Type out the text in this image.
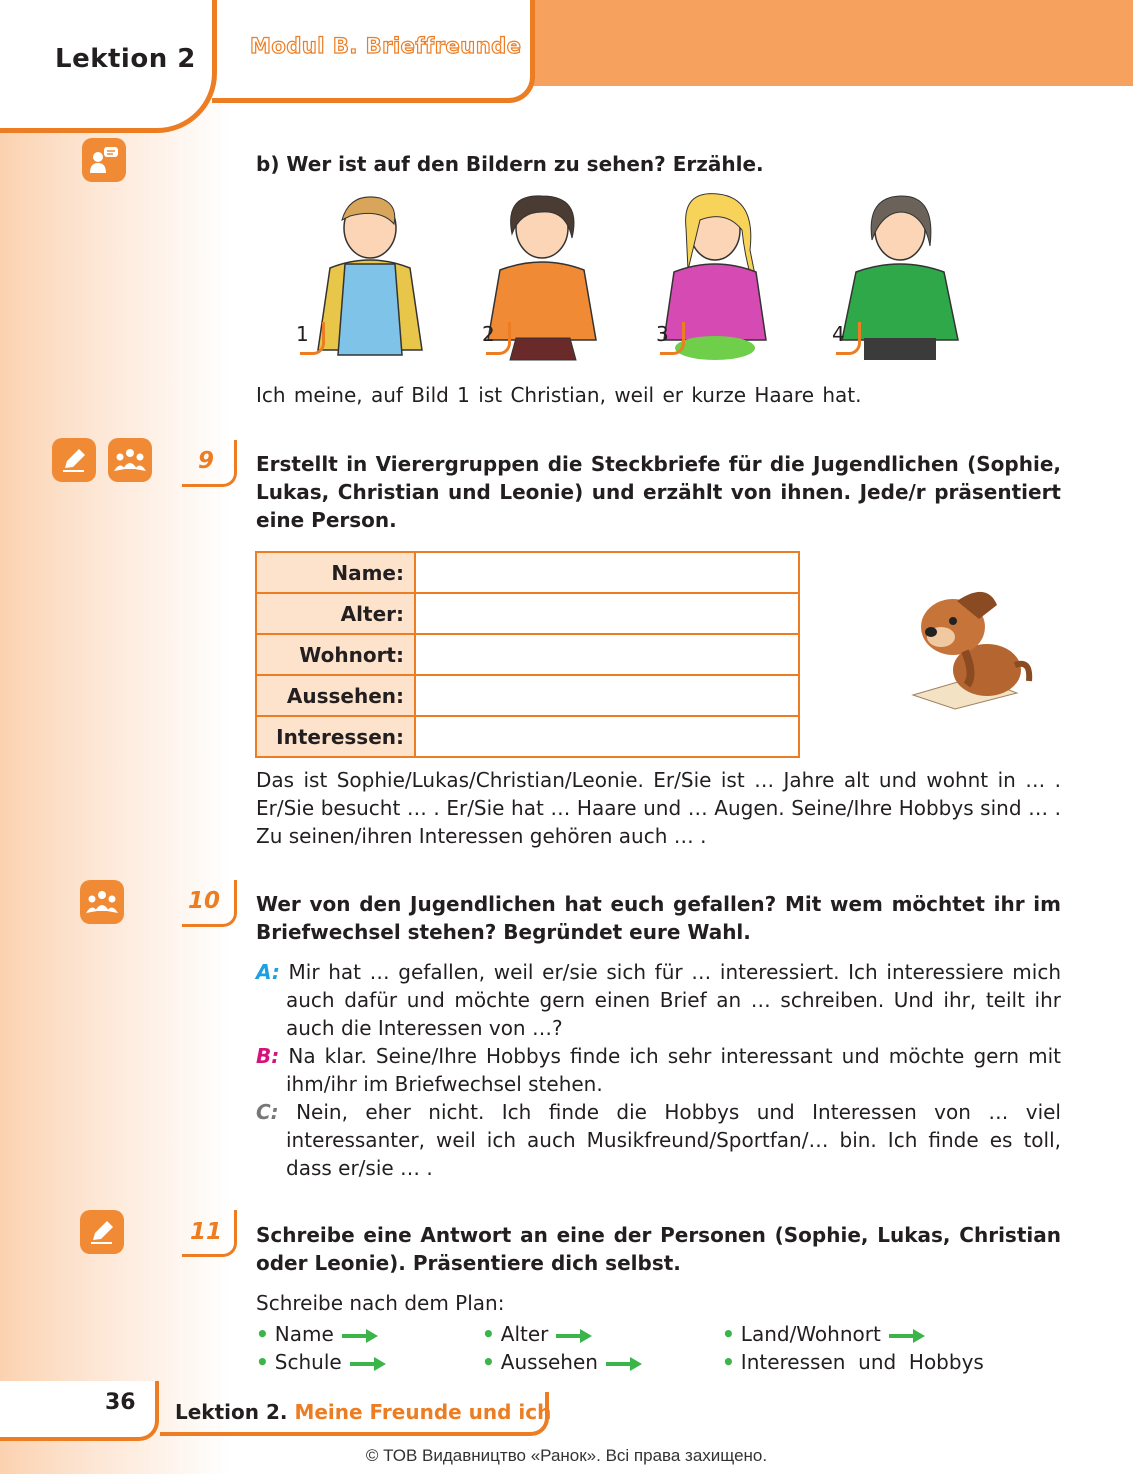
Lektion 2	Modul B. Brieffreunde
b) Wer ist auf den Bildern zu sehen? Erzähle.
1	2	3	4
Ich meine, auf Bild 1 ist Christian, weil er kurze Haare hat.
9 Erstellt in Vierergruppen die Steckbriefe für die Jugendlichen (Sophie, Lukas, Christian und Leonie) und erzählt von ihnen. Jede/r präsentiert eine Person.
Name:	
Alter:	
Wohnort:	
Aussehen:	
Interessen:	
Das ist Sophie/Lukas/Christian/Leonie. Er/Sie ist … Jahre alt und wohnt in … . Er/Sie besucht … . Er/Sie hat … Haare und … Augen. Seine/Ihre Hobbys sind … . Zu seinen/ihren Interessen gehören auch … .
10 Wer von den Jugendlichen hat euch gefallen? Mit wem möchtet ihr im Briefwechsel stehen? Begründet eure Wahl.
A: Mir hat … gefallen, weil er/sie sich für … interessiert. Ich interessiere mich auch dafür und möchte gern einen Brief an … schreiben. Und ihr, teilt ihr auch die Interessen von …?
B: Na klar. Seine/Ihre Hobbys finde ich sehr interessant und möchte gern mit ihm/ihr im Briefwechsel stehen.
C: Nein, eher nicht. Ich finde die Hobbys und Interessen von … viel interessanter, weil ich auch Musikfreund/Sportfan/… bin. Ich finde es toll, dass er/sie … .
11 Schreibe eine Antwort an eine der Personen (Sophie, Lukas, Christian oder Leonie). Präsentiere dich selbst.
Schreibe nach dem Plan:
• Name	• Alter	• Land/Wohnort
• Schule	• Aussehen	• Interessen  und  Hobbys
36 Lektion 2. Meine Freunde und ich
© ТОВ Видавництво «Ранок». Всі права захищено.
